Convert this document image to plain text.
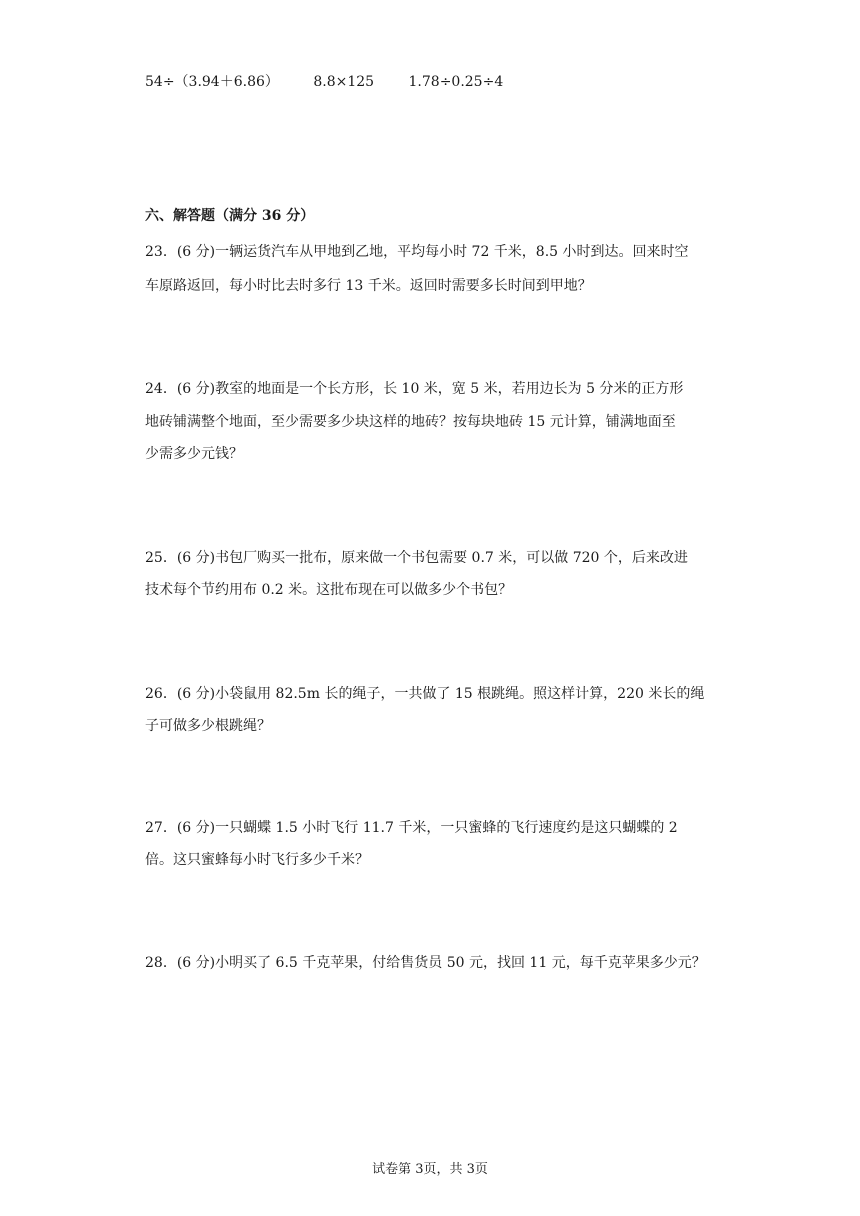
54÷（3.94＋6.86） 8.8×125 1.78÷0.25÷4
六、解答题（满分 36 分）
23．(6 分)一辆运货汽车从甲地到乙地，平均每小时 72 千米，8.5 小时到达。回来时空
车原路返回，每小时比去时多行 13 千米。返回时需要多长时间到甲地？
24．(6 分)教室的地面是一个长方形，长 10 米，宽 5 米，若用边长为 5 分米的正方形
地砖铺满整个地面，至少需要多少块这样的地砖？按每块地砖 15 元计算，铺满地面至
少需多少元钱？
25．(6 分)书包厂购买一批布，原来做一个书包需要 0.7 米，可以做 720 个，后来改进
技术每个节约用布 0.2 米。这批布现在可以做多少个书包？
26．(6 分)小袋鼠用 82.5m 长的绳子，一共做了 15 根跳绳。照这样计算，220 米长的绳
子可做多少根跳绳？
27．(6 分)一只蝴蝶 1.5 小时飞行 11.7 千米，一只蜜蜂的飞行速度约是这只蝴蝶的 2
倍。这只蜜蜂每小时飞行多少千米？
28．(6 分)小明买了 6.5 千克苹果，付给售货员 50 元，找回 11 元，每千克苹果多少元？
试卷第 3页，共 3页
